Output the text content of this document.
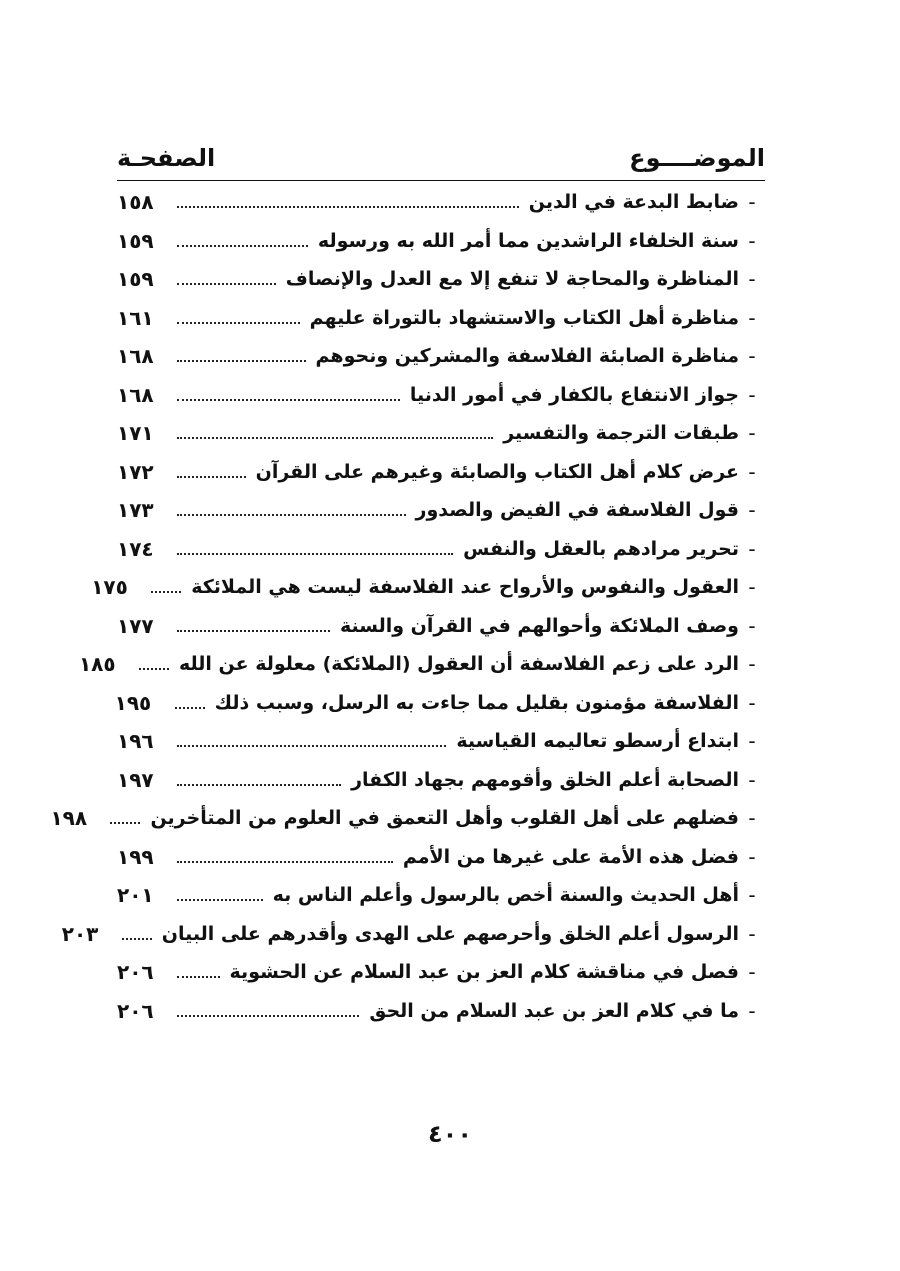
الموضــــوع
الصفحـة
-
ضابط البدعة في الدين
١٥٨
-
سنة الخلفاء الراشدين مما أمر الله به ورسوله
١٥٩
-
المناظرة والمحاجة لا تنفع إلا مع العدل والإنصاف
١٥٩
-
مناظرة أهل الكتاب والاستشهاد بالتوراة عليهم
١٦١
-
مناظرة الصابئة الفلاسفة والمشركين ونحوهم
١٦٨
-
جواز الانتفاع بالكفار في أمور الدنيا
١٦٨
-
طبقات الترجمة والتفسير
١٧١
-
عرض كلام أهل الكتاب والصابئة وغيرهم على القرآن
١٧٢
-
قول الفلاسفة في الفيض والصدور
١٧٣
-
تحرير مرادهم بالعقل والنفس
١٧٤
-
العقول والنفوس والأرواح عند الفلاسفة ليست هي الملائكة
١٧٥
-
وصف الملائكة وأحوالهم في القرآن والسنة
١٧٧
-
الرد على زعم الفلاسفة أن العقول (الملائكة) معلولة عن الله
١٨٥
-
الفلاسفة مؤمنون بقليل مما جاءت به الرسل، وسبب ذلك
١٩٥
-
ابتداع أرسطو تعاليمه القياسية
١٩٦
-
الصحابة أعلم الخلق وأقومهم بجهاد الكفار
١٩٧
-
فضلهم على أهل القلوب وأهل التعمق في العلوم من المتأخرين
١٩٨
-
فضل هذه الأمة على غيرها من الأمم
١٩٩
-
أهل الحديث والسنة أخص بالرسول وأعلم الناس به
٢٠١
-
الرسول أعلم الخلق وأحرصهم على الهدى وأقدرهم على البيان
٢٠٣
-
فصل في مناقشة كلام العز بن عبد السلام عن الحشوية
٢٠٦
-
ما في كلام العز بن عبد السلام من الحق
٢٠٦
٤٠٠
